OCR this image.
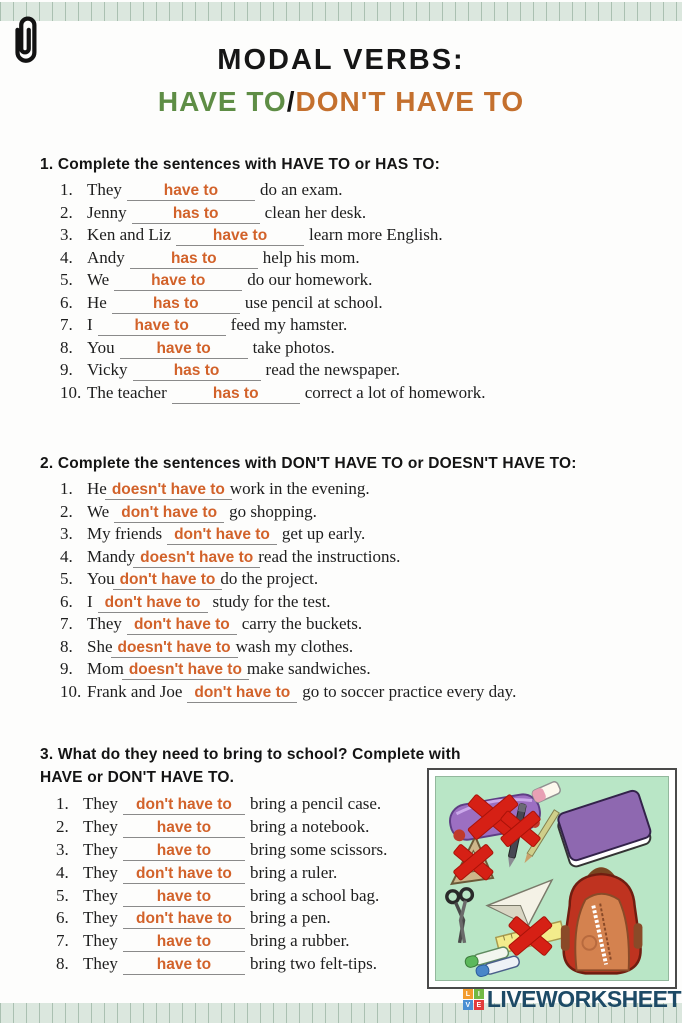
MODAL VERBS:
HAVE TO/DON'T HAVE TO
1. Complete the sentences with HAVE TO or HAS TO:
1. They	have to	do an exam.
2. Jenny	has to	clean her desk.
3. Ken and Liz	have to	learn more English.
4. Andy	has to	help his mom.
5. We	have to	do our homework.
6. He	has to	use pencil at school.
7. I	have to	feed my hamster.
8. You	have to	take photos.
9. Vicky	has to	read the newspaper.
10. The teacher	has to	correct a lot of homework.
2. Complete the sentences with DON'T HAVE TO or DOESN'T HAVE TO:
1. He doesn't have to work in the evening.
2. We don't have to go shopping.
3. My friends don't have to get up early.
4. Mandy doesn't have to read the instructions.
5. You don't have to do the project.
6. I don't have to study for the test.
7. They don't have to carry the buckets.
8. She doesn't have to wash my clothes.
9. Mom doesn't have to make sandwiches.
10. Frank and Joe don't have to go to soccer practice every day.
3. What do they need to bring to school? Complete with HAVE or DON'T HAVE TO.
1. They	don't have to	bring a pencil case.
2. They	have to	bring a notebook.
3. They	have to	bring some scissors.
4. They	don't have to	bring a ruler.
5. They	have to	bring a school bag.
6. They	don't have to	bring a pen.
7. They	have to	bring a rubber.
8. They	have to	bring two felt-tips.
L	I
V E LIVEWORKSHEET
